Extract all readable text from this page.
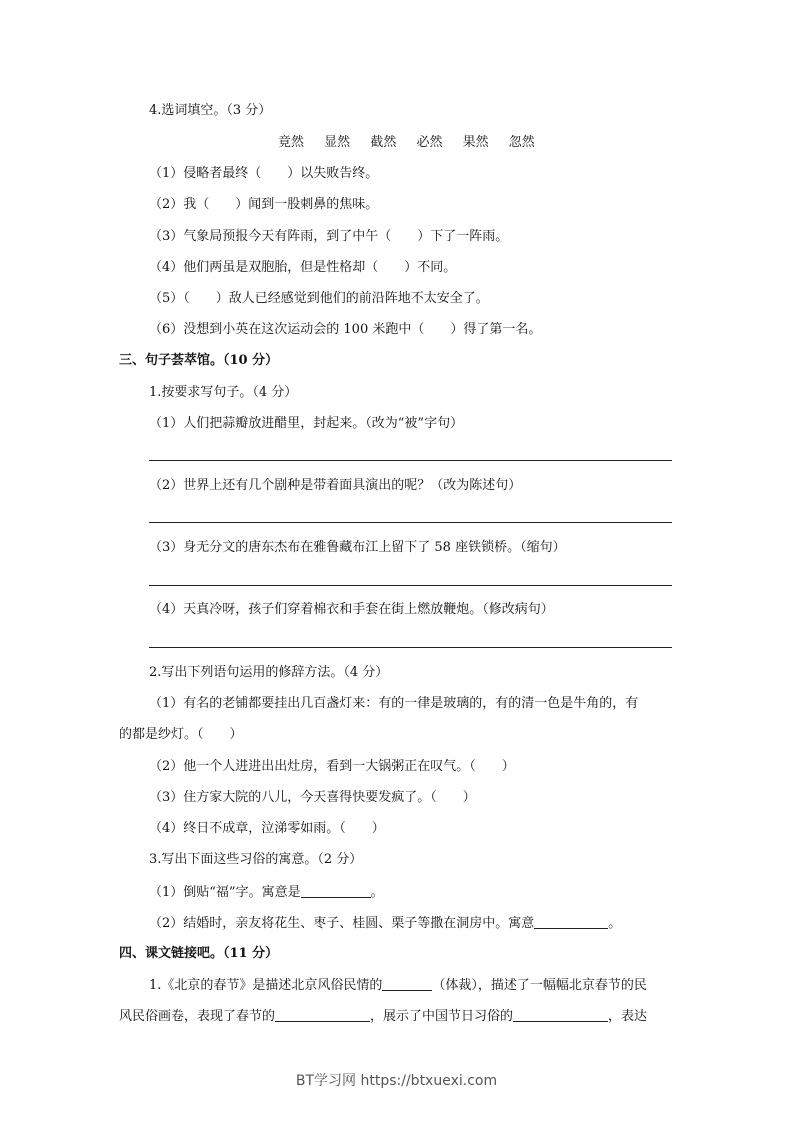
4.选词填空。（3 分）
竟然 显然 截然 必然 果然 忽然
（1）侵略者最终（　　）以失败告终。
（2）我（　　）闻到一股刺鼻的焦味。
（3）气象局预报今天有阵雨，到了中午（　　）下了一阵雨。
（4）他们两虽是双胞胎，但是性格却（　　）不同。
（5）（　　）敌人已经感觉到他们的前沿阵地不太安全了。
（6）没想到小英在这次运动会的 100 米跑中（　　）得了第一名。
三、句子荟萃馆。（10 分）
1.按要求写句子。（4 分）
（1）人们把蒜瓣放进醋里，封起来。（改为“被”字句）
（2）世界上还有几个剧种是带着面具演出的呢？（改为陈述句）
（3）身无分文的唐东杰布在雅鲁藏布江上留下了 58 座铁锁桥。（缩句）
（4）天真冷呀，孩子们穿着棉衣和手套在街上燃放鞭炮。（修改病句）
2.写出下列语句运用的修辞方法。（4 分）
（1）有名的老铺都要挂出几百盏灯来：有的一律是玻璃的，有的清一色是牛角的，有
的都是纱灯。（　　）
（2）他一个人进进出出灶房，看到一大锅粥正在叹气。（　　）
（3）住方家大院的八儿，今天喜得快要发疯了。（　　）
（4）终日不成章，泣涕零如雨。（　　）
3.写出下面这些习俗的寓意。（2 分）
（1）倒贴“福”字。寓意是	。
（2）结婚时，亲友将花生、枣子、桂圆、栗子等撒在洞房中。寓意	。
四、课文链接吧。（11 分）
1.《北京的春节》是描述北京风俗民情的	（体裁），描述了一幅幅北京春节的民
风民俗画卷，表现了春节的	，展示了中国节日习俗的	，表达
BT学习网 https://btxuexi.com
